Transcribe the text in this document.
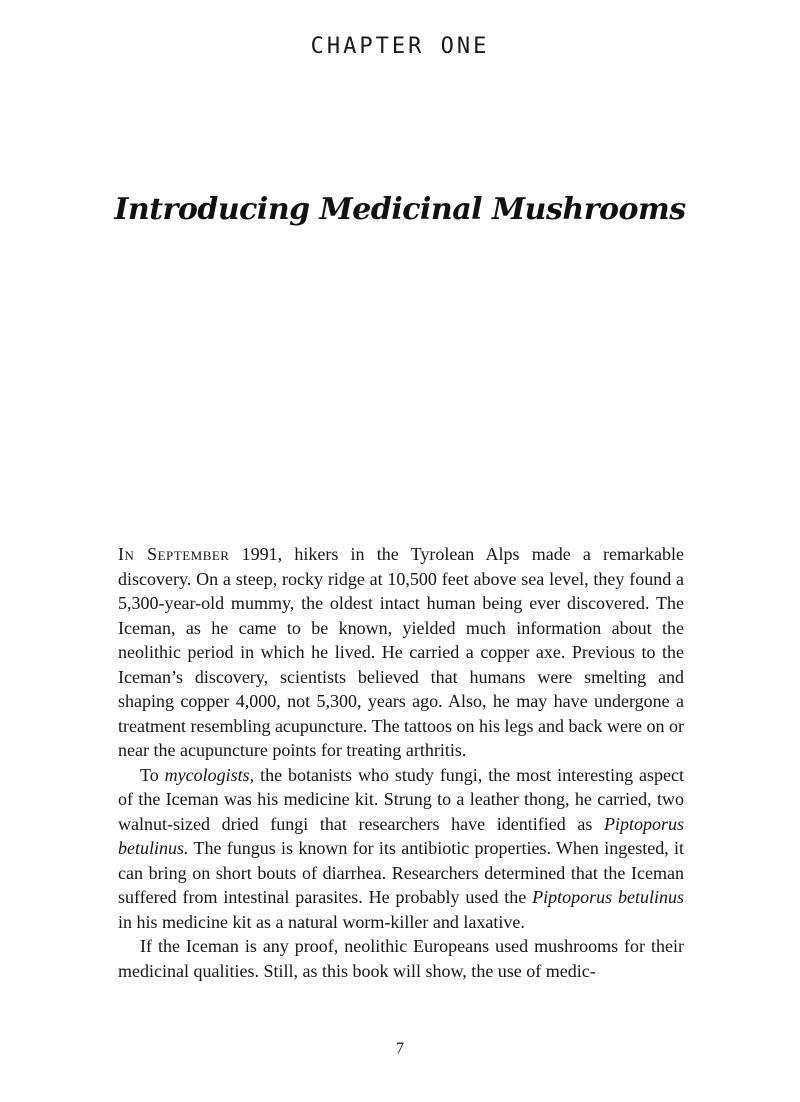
CHAPTER ONE
Introducing Medicinal Mushrooms

In September 1991, hikers in the Tyrolean Alps made a remarkable discovery. On a steep, rocky ridge at 10,500 feet above sea level, they found a 5,300-year-old mummy, the oldest intact human being ever discovered. The Iceman, as he came to be known, yielded much information about the neolithic period in which he lived. He carried a copper axe. Previous to the Iceman’s discovery, scientists believed that humans were smelting and shaping copper 4,000, not 5,300, years ago. Also, he may have undergone a treatment resembling acupuncture. The tattoos on his legs and back were on or near the acupuncture points for treating arthritis.

To mycologists, the botanists who study fungi, the most interesting aspect of the Iceman was his medicine kit. Strung to a leather thong, he carried, two walnut-sized dried fungi that researchers have identified as Piptoporus betulinus. The fungus is known for its antibiotic properties. When ingested, it can bring on short bouts of diarrhea. Researchers determined that the Iceman suffered from intestinal parasites. He probably used the Piptoporus betulinus in his medicine kit as a natural worm-killer and laxative.

If the Iceman is any proof, neolithic Europeans used mushrooms for their medicinal qualities. Still, as this book will show, the use of medic-

7
